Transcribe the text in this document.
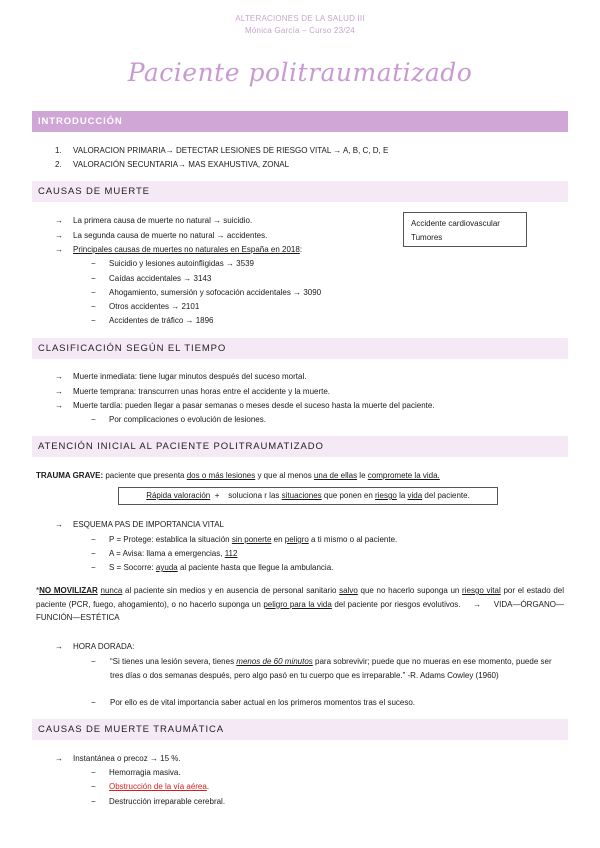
ALTERACIONES DE LA SALUD III
Mónica García – Curso 23/24
Paciente politraumatizado
INTRODUCCIÓN
1. VALORACION PRIMARIA→ DETECTAR LESIONES DE RIESGO VITAL → A, B, C, D, E
2. VALORACIÓN SECUNTARIA→ MAS EXAHUSTIVA, ZONAL
CAUSAS DE MUERTE
→ La primera causa de muerte no natural → suicidio.
→ La segunda causa de muerte no natural → accidentes.
→ Principales causas de muertes no naturales en España en 2018:
− Suicidio y lesiones autoinfligidas → 3539
− Caídas accidentales → 3143
− Ahogamiento, sumersión y sofocación accidentales → 3090
− Otros accidentes → 2101
− Accidentes de tráfico → 1896
Accidente cardiovascular
Tumores
CLASIFICACIÓN SEGÚN EL TIEMPO
→ Muerte inmediata: tiene lugar minutos después del suceso mortal.
→ Muerte temprana: transcurren unas horas entre el accidente y la muerte.
→ Muerte tardía: pueden llegar a pasar semanas o meses desde el suceso hasta la muerte del paciente.
− Por complicaciones o evolución de lesiones.
ATENCIÓN INICIAL AL PACIENTE POLITRAUMATIZADO
TRAUMA GRAVE: paciente que presenta dos o más lesiones y que al menos una de ellas le compromete la vida.
Rápida valoración  +    soluciona r las situaciones que ponen en riesgo la vida del paciente.
→ ESQUEMA PAS DE IMPORTANCIA VITAL
− P = Protege: establica la situación sin ponerte en peligro a ti mismo o al paciente.
− A = Avisa: llama a emergencias, 112
− S = Socorre: ayuda al paciente hasta que llegue la ambulancia.
*NO MOVILIZAR nunca al paciente sin medios y en ausencia de personal sanitario salvo que no hacerlo suponga un riesgo vital por el estado del paciente (PCR, fuego, ahogamiento), o no hacerlo suponga un peligro para la vida del paciente por riesgos evolutivos.     →     VIDA—ÓRGANO—FUNCIÓN—ESTÉTICA
→ HORA DORADA:
− “Si tienes una lesión severa, tienes menos de 60 minutos para sobrevivir; puede que no mueras en ese momento, puede ser tres días o dos semanas después, pero algo pasó en tu cuerpo que es irreparable.” -R. Adams Cowley (1960)
− Por ello es de vital importancia saber actual en los primeros momentos tras el suceso.
CAUSAS DE MUERTE TRAUMÁTICA
→ Instantánea o precoz → 15 %.
− Hemorragia masiva.
− Obstrucción de la vía aérea.
− Destrucción irreparable cerebral.
